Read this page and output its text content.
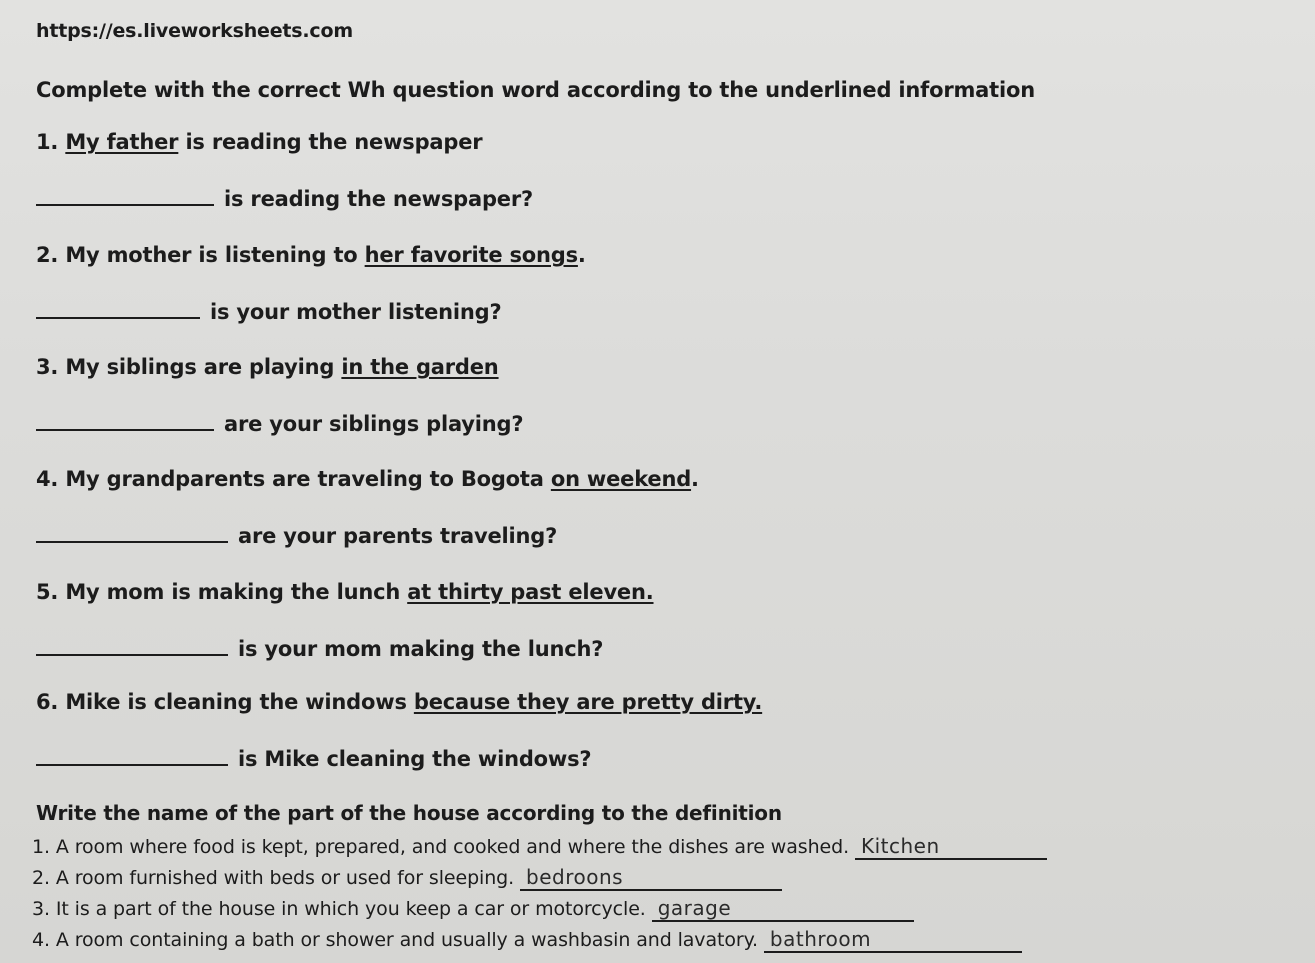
https://es.liveworksheets.com
Complete with the correct Wh question word according to the underlined information
1. My father is reading the newspaper
is reading the newspaper?
2. My mother is listening to her favorite songs.
is your mother listening?
3. My siblings are playing in the garden
are your siblings playing?
4. My grandparents are traveling to Bogota on weekend.
are your parents traveling?
5. My mom is making the lunch at thirty past eleven.
is your mom making the lunch?
6. Mike is cleaning the windows because they are pretty dirty.
is Mike cleaning the windows?
Write the name of the part of the house according to the definition
1. A room where food is kept, prepared, and cooked and where the dishes are washed. Kitchen
2. A room furnished with beds or used for sleeping. bedroons
3. It is a part of the house in which you keep a car or motorcycle. garage
4. A room containing a bath or shower and usually a washbasin and lavatory. bathroom
